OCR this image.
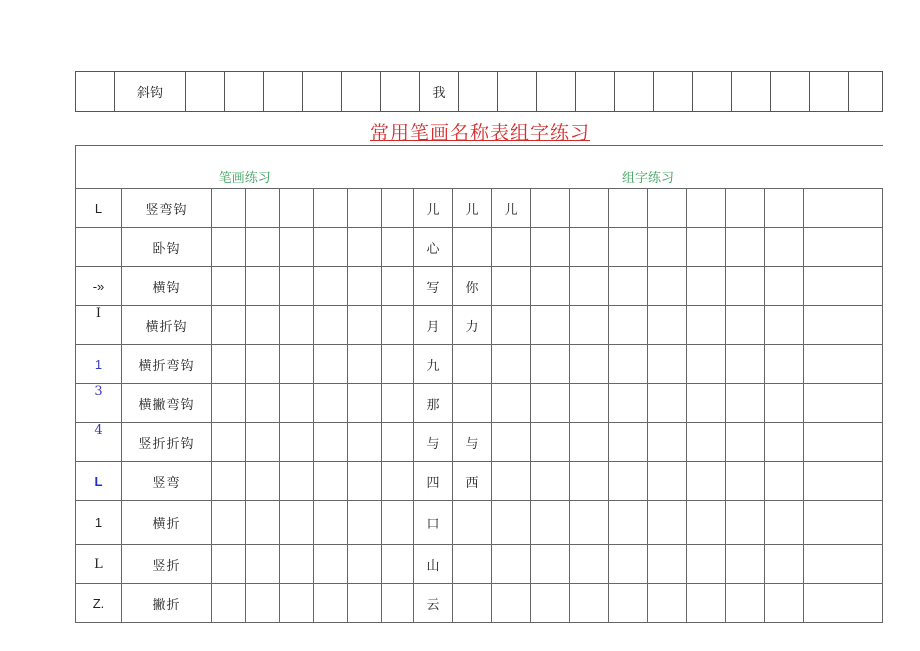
	斜钩							我											
常用笔画名称表组字练习
笔画练习								组字练习										
L	竖弯钩							儿	儿	儿								
	卧钩							心										
-»	横钩							写	你									
I	横折钩							月	力									
1	横折弯钩							九										
3	横撇弯钩							那										
4	竖折折钩							与	与									
L	竖弯							四	西									
1	横折							口										
L	竖折							山										
Z.	撇折							云										
